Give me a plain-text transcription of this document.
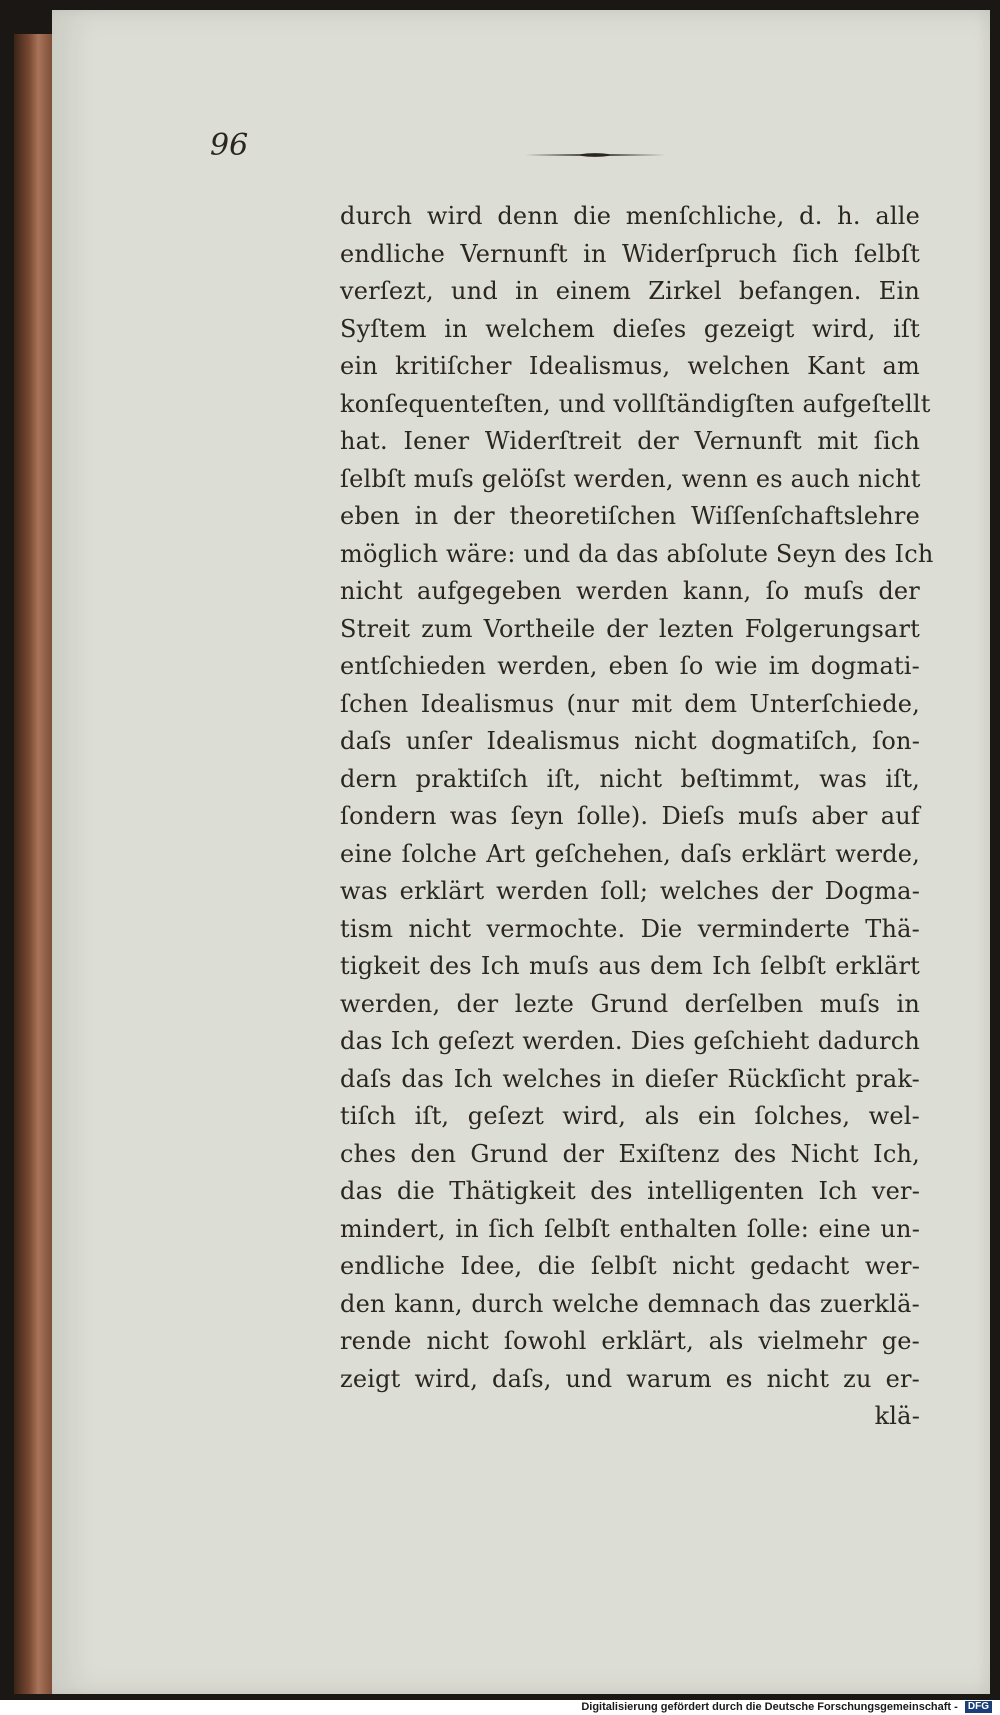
96
durch wird denn die menſchliche, d. h. alle
endliche Vernunft in Widerſpruch ſich ſelbſt
verſezt, und in einem Zirkel befangen. Ein
Syſtem in welchem dieſes gezeigt wird, iſt
ein kritiſcher Idealismus, welchen Kant am
konſequenteſten, und vollſtändigſten aufgeſtellt
hat. Iener Widerſtreit der Vernunft mit ſich
ſelbſt muſs gelöſst werden, wenn es auch nicht
eben in der theoretiſchen Wiſſenſchaftslehre
möglich wäre: und da das abſolute Seyn des Ich
nicht aufgegeben werden kann, ſo muſs der
Streit zum Vortheile der lezten Folgerungsart
entſchieden werden, eben ſo wie im dogmati-
ſchen Idealismus (nur mit dem Unterſchiede,
daſs unſer Idealismus nicht dogmatiſch, ſon-
dern praktiſch iſt, nicht beſtimmt, was iſt,
ſondern was ſeyn ſolle). Dieſs muſs aber auf
eine ſolche Art geſchehen, daſs erklärt werde,
was erklärt werden ſoll; welches der Dogma-
tism nicht vermochte. Die verminderte Thä-
tigkeit des Ich muſs aus dem Ich ſelbſt erklärt
werden, der lezte Grund derſelben muſs in
das Ich geſezt werden. Dies geſchieht dadurch
daſs das Ich welches in dieſer Rückſicht prak-
tiſch iſt, geſezt wird, als ein ſolches, wel-
ches den Grund der Exiſtenz des Nicht Ich,
das die Thätigkeit des intelligenten Ich ver-
mindert, in ſich ſelbſt enthalten ſolle: eine un-
endliche Idee, die ſelbſt nicht gedacht wer-
den kann, durch welche demnach das zuerklä-
rende nicht ſowohl erklärt, als vielmehr ge-
zeigt wird, daſs, und warum es nicht zu er-
klä-
Digitalisierung gefördert durch die Deutsche Forschungsgemeinschaft - DFG
